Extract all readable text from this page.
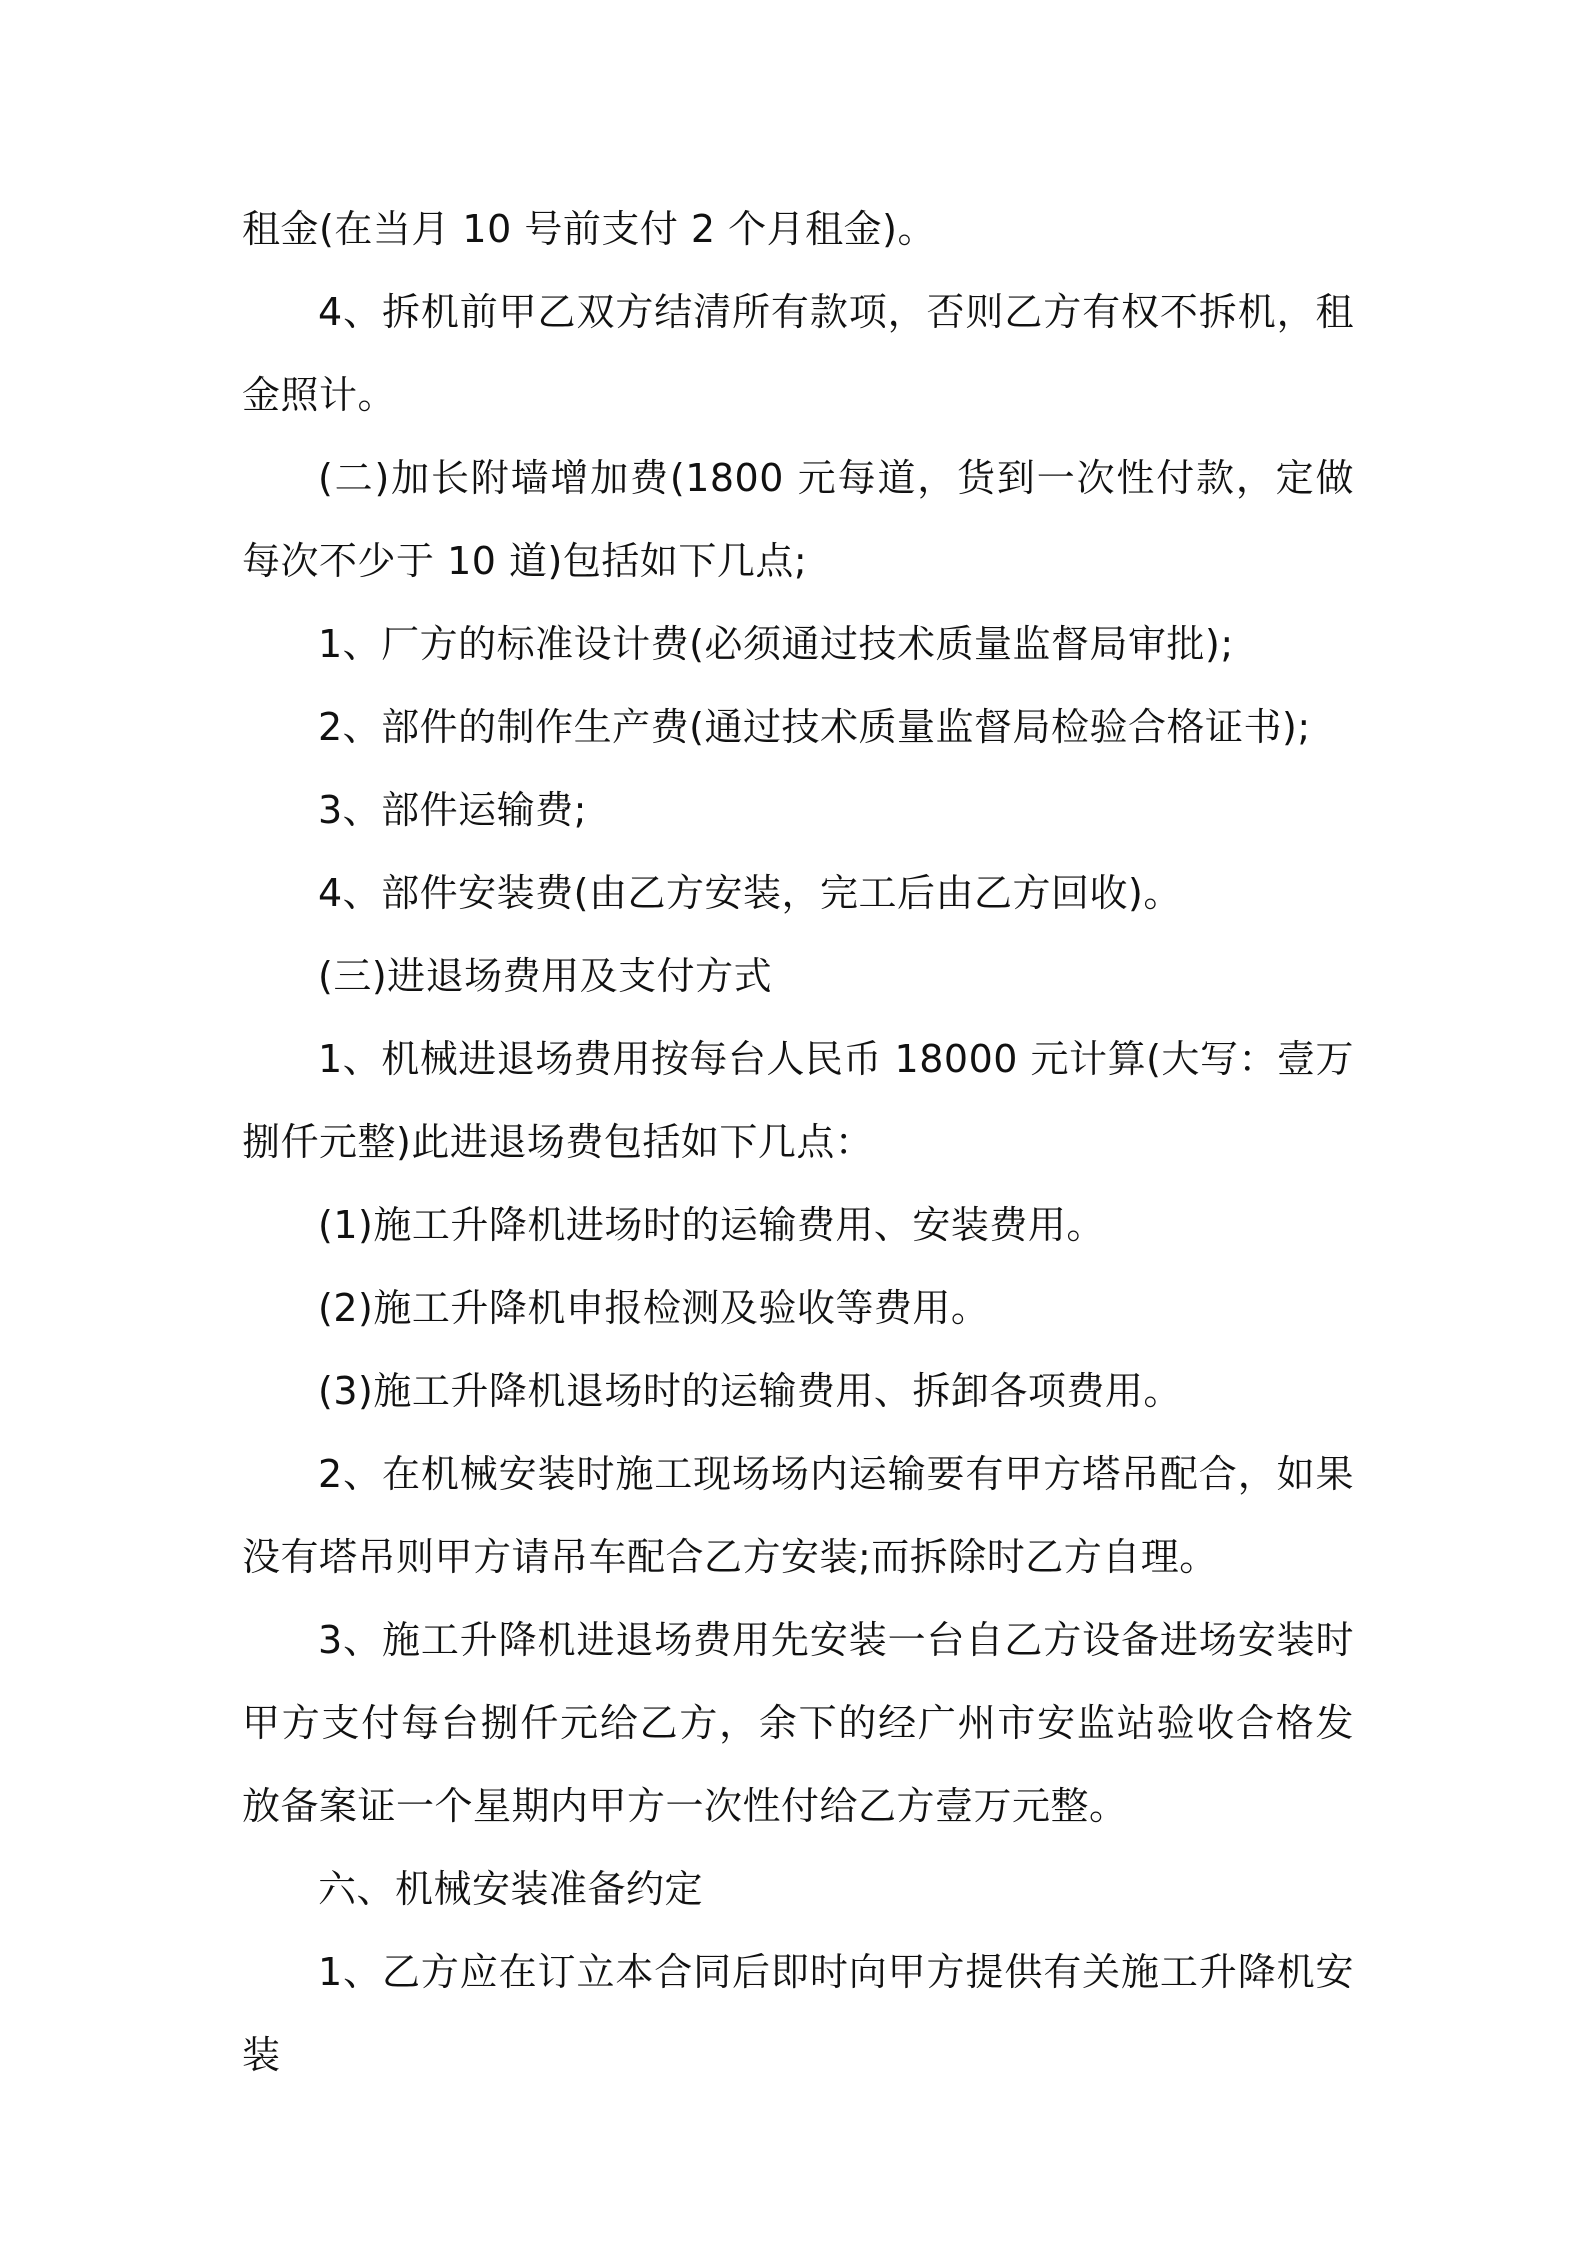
租金(在当月 10 号前支付 2 个月租金)。

4、拆机前甲乙双方结清所有款项，否则乙方有权不拆机，租金照计。

(二)加长附墙增加费(1800 元每道，货到一次性付款，定做每次不少于 10 道)包括如下几点;

1、厂方的标准设计费(必须通过技术质量监督局审批);

2、部件的制作生产费(通过技术质量监督局检验合格证书);

3、部件运输费;

4、部件安装费(由乙方安装，完工后由乙方回收)。

(三)进退场费用及支付方式

1、机械进退场费用按每台人民币 18000 元计算(大写：壹万捌仟元整)此进退场费包括如下几点：

(1)施工升降机进场时的运输费用、安装费用。

(2)施工升降机申报检测及验收等费用。

(3)施工升降机退场时的运输费用、拆卸各项费用。

2、在机械安装时施工现场场内运输要有甲方塔吊配合，如果没有塔吊则甲方请吊车配合乙方安装;而拆除时乙方自理。

3、施工升降机进退场费用先安装一台自乙方设备进场安装时甲方支付每台捌仟元给乙方，余下的经广州市安监站验收合格发放备案证一个星期内甲方一次性付给乙方壹万元整。

六、机械安装准备约定

1、乙方应在订立本合同后即时向甲方提供有关施工升降机安装
